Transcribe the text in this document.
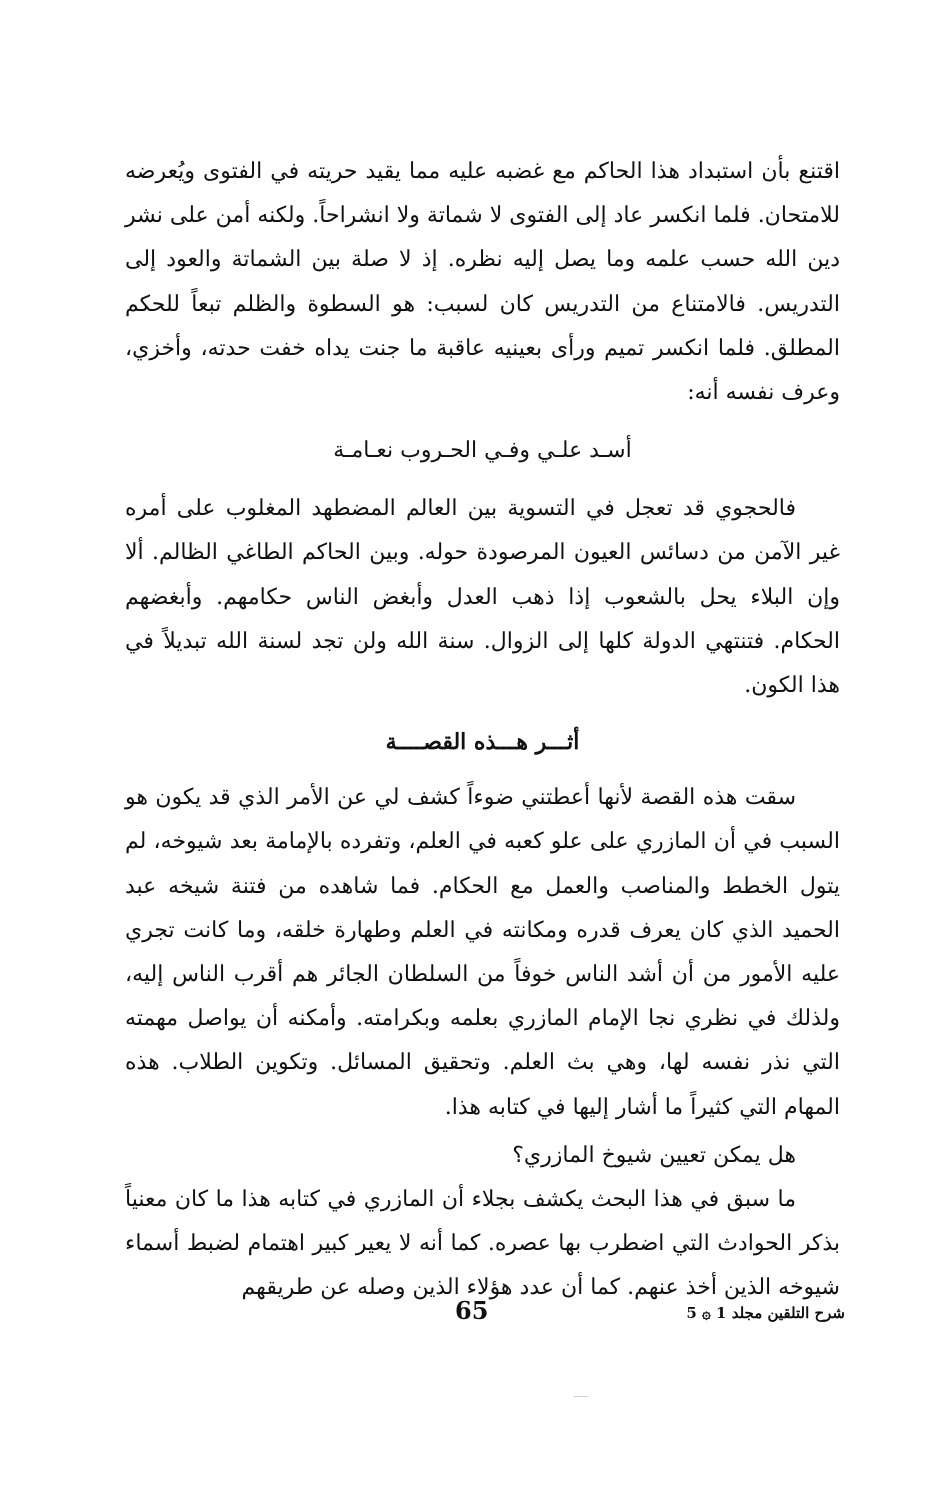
اقتنع بأن استبداد هذا الحاكم مع غضبه عليه مما يقيد حريته في الفتوى ويُعرضه للامتحان. فلما انكسر عاد إلى الفتوى لا شماتة ولا انشراحاً. ولكنه أمن على نشر دين الله حسب علمه وما يصل إليه نظره. إذ لا صلة بين الشماتة والعود إلى التدريس. فالامتناع من التدريس كان لسبب: هو السطوة والظلم تبعاً للحكم المطلق. فلما انكسر تميم ورأى بعينيه عاقبة ما جنت يداه خفت حدته، وأخزي، وعرف نفسه أنه:

أسـد علـي وفـي الحـروب نعـامـة

فالحجوي قد تعجل في التسوية بين العالم المضطهد المغلوب على أمره غير الآمن من دسائس العيون المرصودة حوله. وبين الحاكم الطاغي الظالم. ألا وإن البلاء يحل بالشعوب إذا ذهب العدل وأبغض الناس حكامهم. وأبغضهم الحكام. فتنتهي الدولة كلها إلى الزوال. سنة الله ولن تجد لسنة الله تبديلاً في هذا الكون.

أثـــر هـــذه القصــــة

سقت هذه القصة لأنها أعطتني ضوءاً كشف لي عن الأمر الذي قد يكون هو السبب في أن المازري على علو كعبه في العلم، وتفرده بالإمامة بعد شيوخه، لم يتول الخطط والمناصب والعمل مع الحكام. فما شاهده من فتنة شيخه عبد الحميد الذي كان يعرف قدره ومكانته في العلم وطهارة خلقه، وما كانت تجري عليه الأمور من أن أشد الناس خوفاً من السلطان الجائر هم أقرب الناس إليه، ولذلك في نظري نجا الإمام المازري بعلمه وبكرامته. وأمكنه أن يواصل مهمته التي نذر نفسه لها، وهي بث العلم. وتحقيق المسائل. وتكوين الطلاب. هذه المهام التي كثيراً ما أشار إليها في كتابه هذا.

هل يمكن تعيين شيوخ المازري؟

ما سبق في هذا البحث يكشف بجلاء أن المازري في كتابه هذا ما كان معنياً بذكر الحوادث التي اضطرب بها عصره. كما أنه لا يعير كبير اهتمام لضبط أسماء شيوخه الذين أخذ عنهم. كما أن عدد هؤلاء الذين وصله عن طريقهم

شرح التلقين مجلد 1 ۞ 5
65
